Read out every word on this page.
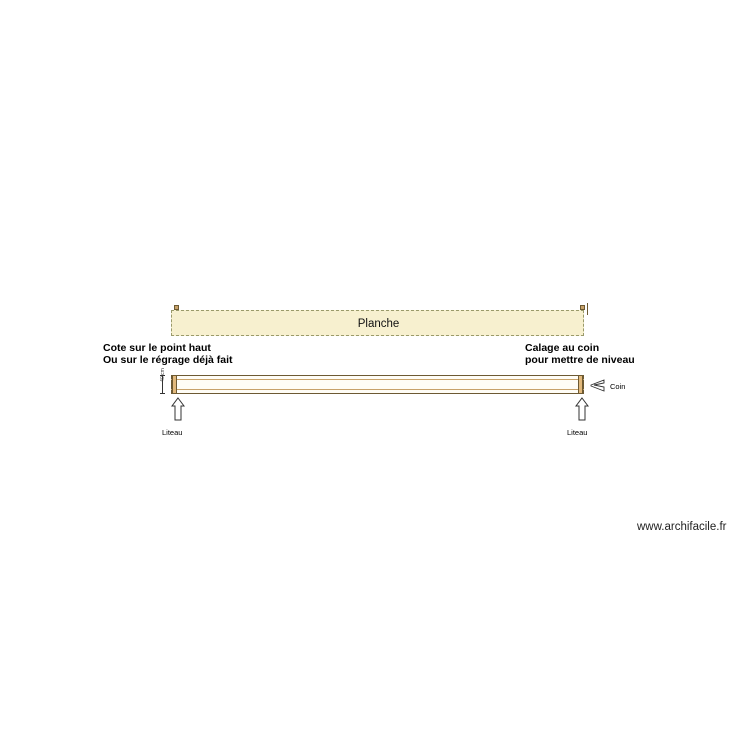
Planche
Cote sur le point haut
Ou sur le régrage déjà fait
Calage au coin
pour mettre de niveau
40 cm
Liteau	Liteau
Coin
www.archifacile.fr
